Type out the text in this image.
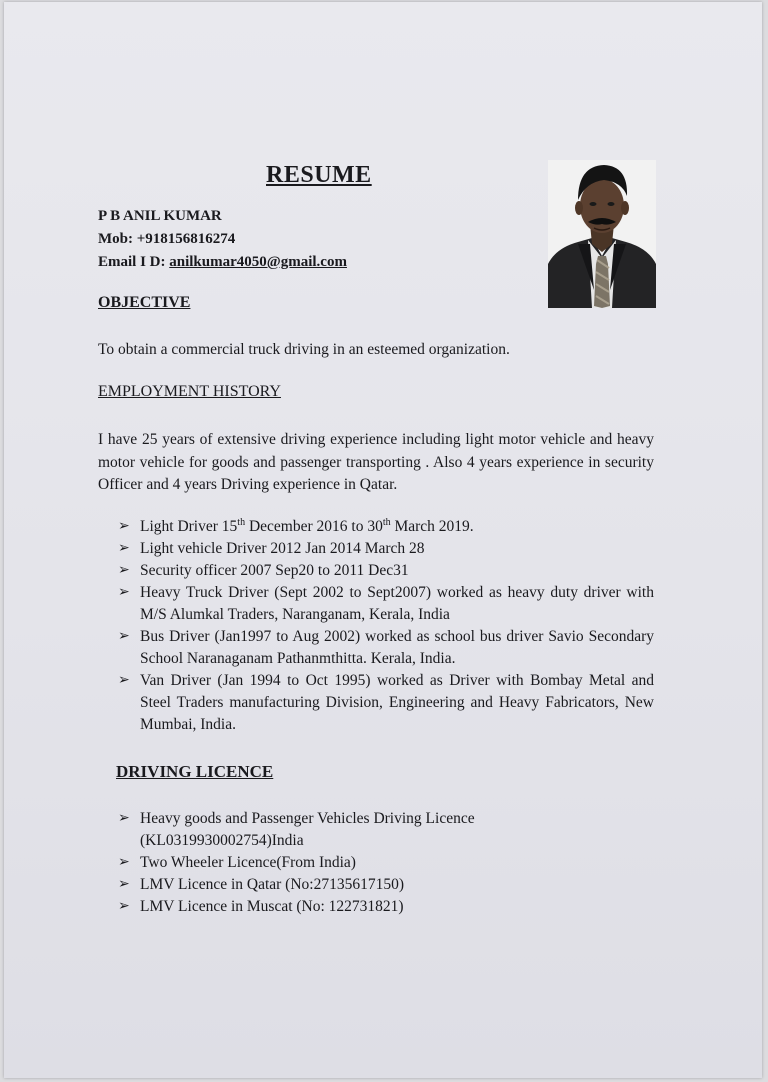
RESUME
P B ANIL KUMAR
Mob: +918156816274
Email I D: anilkumar4050@gmail.com
OBJECTIVE
To obtain a commercial truck driving in an esteemed organization.
EMPLOYMENT HISTORY
I have 25 years of extensive driving experience including light motor vehicle and heavy motor vehicle for goods and passenger transporting . Also 4 years experience in security Officer and 4 years Driving experience in Qatar.
➢ Light Driver 15th December 2016 to 30th March 2019.
➢ Light vehicle Driver 2012 Jan 2014 March 28
➢ Security officer 2007 Sep20 to 2011 Dec31
➢ Heavy Truck Driver (Sept 2002 to Sept2007) worked as heavy duty driver with M/S Alumkal Traders, Naranganam, Kerala, India
➢ Bus Driver (Jan1997 to Aug 2002) worked as school bus driver Savio Secondary School Naranaganam Pathanmthitta. Kerala, India.
➢ Van Driver (Jan 1994 to Oct 1995) worked as Driver with Bombay Metal and Steel Traders manufacturing Division, Engineering and Heavy Fabricators, New Mumbai, India.
DRIVING LICENCE
➢ Heavy goods and Passenger Vehicles Driving Licence (KL0319930002754)India
➢ Two Wheeler Licence(From India)
➢ LMV Licence in Qatar (No:27135617150)
➢ LMV Licence in Muscat (No: 122731821)
